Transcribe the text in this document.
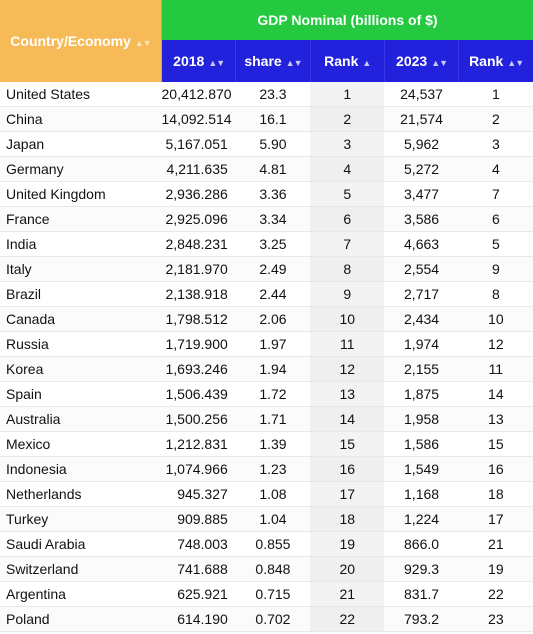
Country/Economy ▲▼	GDP Nominal (billions of $)				
	2018 ▲▼	share ▲▼	Rank ▲	2023 ▲▼	Rank ▲▼
United States	20,412.870	23.3	1	24,537	1
China	14,092.514	16.1	2	21,574	2
Japan	5,167.051	5.90	3	5,962	3
Germany	4,211.635	4.81	4	5,272	4
United Kingdom	2,936.286	3.36	5	3,477	7
France	2,925.096	3.34	6	3,586	6
India	2,848.231	3.25	7	4,663	5
Italy	2,181.970	2.49	8	2,554	9
Brazil	2,138.918	2.44	9	2,717	8
Canada	1,798.512	2.06	10	2,434	10
Russia	1,719.900	1.97	11	1,974	12
Korea	1,693.246	1.94	12	2,155	11
Spain	1,506.439	1.72	13	1,875	14
Australia	1,500.256	1.71	14	1,958	13
Mexico	1,212.831	1.39	15	1,586	15
Indonesia	1,074.966	1.23	16	1,549	16
Netherlands	945.327	1.08	17	1,168	18
Turkey	909.885	1.04	18	1,224	17
Saudi Arabia	748.003	0.855	19	866.0	21
Switzerland	741.688	0.848	20	929.3	19
Argentina	625.921	0.715	21	831.7	22
Poland	614.190	0.702	22	793.2	23
